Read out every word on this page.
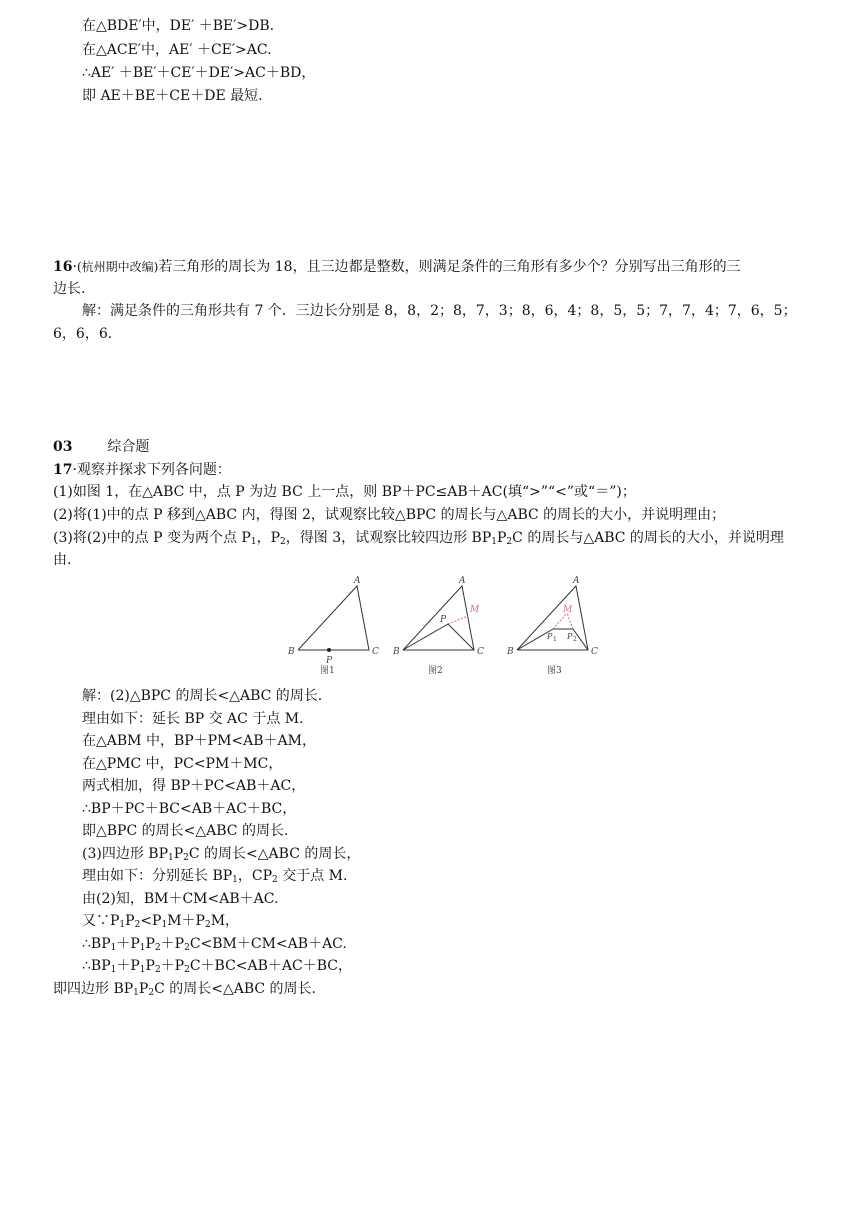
在△BDE′中，DE′ ＋BE′>DB.
在△ACE′中，AE′ ＋CE′>AC.
∴AE′ ＋BE′＋CE′＋DE′>AC＋BD，
即 AE＋BE＋CE＋DE 最短.
16·(杭州期中改编)若三角形的周长为 18，且三边都是整数，则满足条件的三角形有多少个？分别写出三角形的三
边长.
解：满足条件的三角形共有 7 个．三边长分别是 8，8，2；8，7，3；8，6，4；8，5，5；7，7，4；7，6，5；
6，6，6.
03 综合题
17·观察并探求下列各问题：
(1)如图 1，在△ABC 中，点 P 为边 BC 上一点，则 BP＋PC≤AB＋AC(填“>”“<”或“＝”)；
(2)将(1)中的点 P 移到△ABC 内，得图 2，试观察比较△BPC 的周长与△ABC 的周长的大小，并说明理由；
(3)将(2)中的点 P 变为两个点 $P_1$，$P_2$，得图 3，试观察比较四边形 $BP_1P_2C$ 的周长与△ABC 的周长的大小，并说明理
由.
A
B	C
P
图1
A
B	C
P
M
图2
A
B	C
M
P 1 P 2
图3
解：(2)△BPC 的周长<△ABC 的周长.
理由如下：延长 BP 交 AC 于点 M.
在△ABM 中，BP＋PM<AB＋AM，
在△PMC 中，PC<PM＋MC，
两式相加，得 BP＋PC<AB＋AC，
∴BP＋PC＋BC<AB＋AC＋BC，
即△BPC 的周长<△ABC 的周长.
(3)四边形 $BP_1P_2C$ 的周长<△ABC 的周长，
理由如下：分别延长 $BP_1$，$CP_2$ 交于点 M.
由(2)知，BM＋CM<AB＋AC.
又$\because P_1P_2<P_1M+P_2M$，
$\therefore BP_1+P_1P_2+P_2C<BM+CM<AB+AC$.
$\therefore BP_1+P_1P_2+P_2C+BC<AB+AC+BC$，
即四边形 $BP_1P_2C$ 的周长<△ABC 的周长.
